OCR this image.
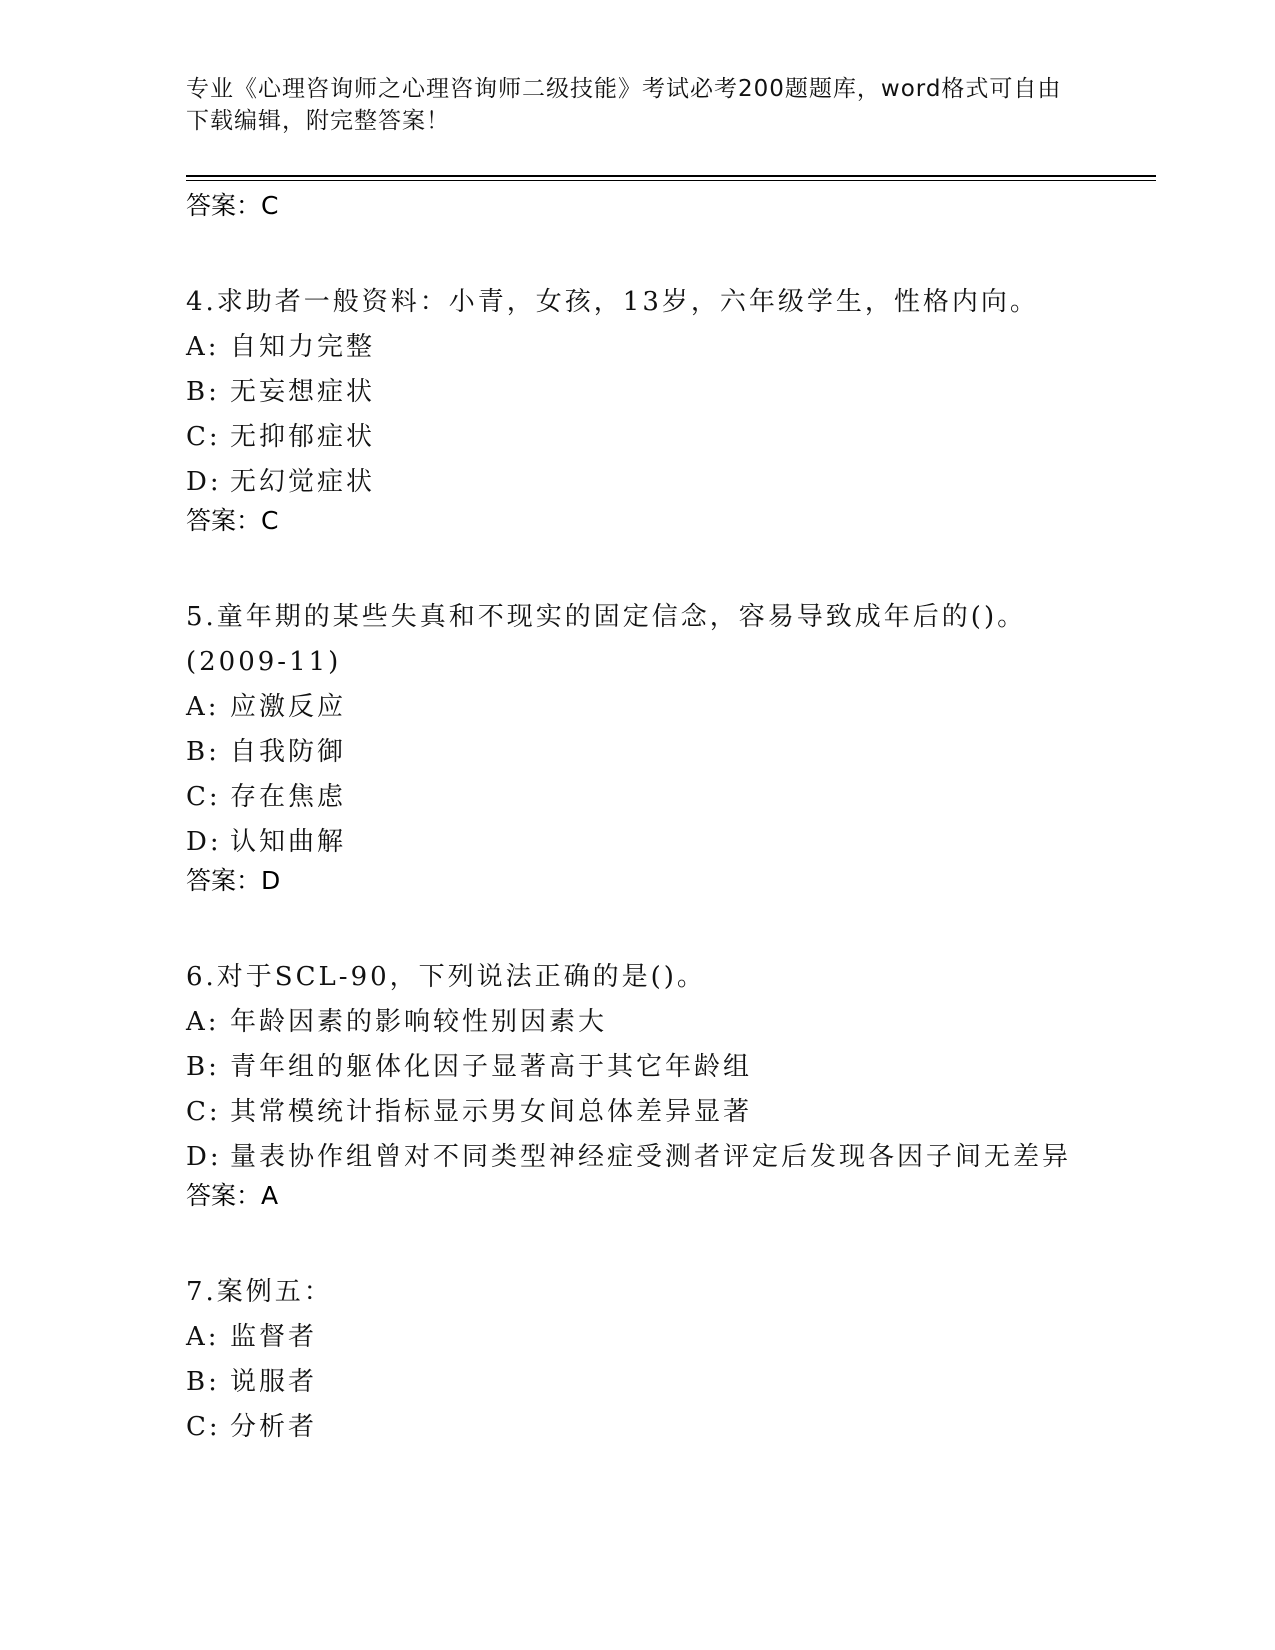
专业《心理咨询师之心理咨询师二级技能》考试必考200题题库，word格式可自由下载编辑，附完整答案！
答案：C
4.求助者一般资料：小青，女孩，13岁，六年级学生，性格内向。
A: 自知力完整
B: 无妄想症状
C: 无抑郁症状
D: 无幻觉症状
答案：C
5.童年期的某些失真和不现实的固定信念，容易导致成年后的()。
(2009-11)
A: 应激反应
B: 自我防御
C: 存在焦虑
D: 认知曲解
答案：D
6.对于SCL-90，下列说法正确的是()。
A: 年龄因素的影响较性别因素大
B: 青年组的躯体化因子显著高于其它年龄组
C: 其常模统计指标显示男女间总体差异显著
D: 量表协作组曾对不同类型神经症受测者评定后发现各因子间无差异
答案：A
7.案例五：
A: 监督者
B: 说服者
C: 分析者
